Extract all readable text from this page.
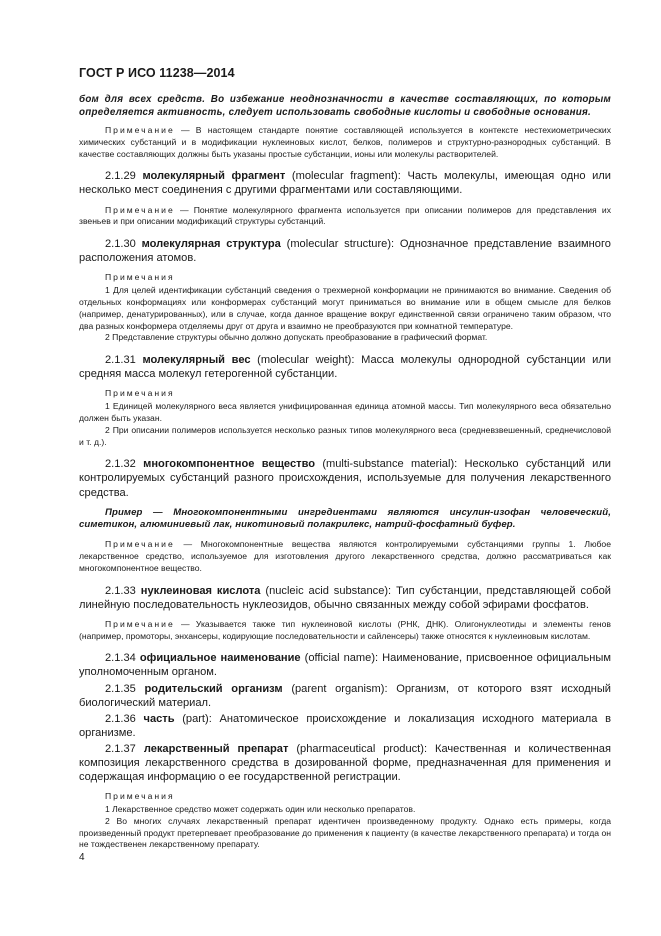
ГОСТ Р ИСО 11238—2014

бом для всех средств. Во избежание неоднозначности в качестве составляющих, по которым определяется активность, следует использовать свободные кислоты и свободные основания.

Примечание — В настоящем стандарте понятие составляющей используется в контексте нестехиометрических химических субстанций и в модификации нуклеиновых кислот, белков, полимеров и структурно-разнородных субстанций. В качестве составляющих должны быть указаны простые субстанции, ионы или молекулы растворителей.

2.1.29 молекулярный фрагмент (molecular fragment): Часть молекулы, имеющая одно или несколько мест соединения с другими фрагментами или составляющими.

Примечание — Понятие молекулярного фрагмента используется при описании полимеров для представления их звеньев и при описании модификаций структуры субстанций.

2.1.30 молекулярная структура (molecular structure): Однозначное представление взаимного расположения атомов.

Примечания

1 Для целей идентификации субстанций сведения о трехмерной конформации не принимаются во внимание. Сведения об отдельных конформациях или конформерах субстанций могут приниматься во внимание или в общем смысле для белков (например, денатурированных), или в случае, когда данное вращение вокруг единственной связи ограничено таким образом, что два разных конформера отделяемы друг от друга и взаимно не преобразуются при комнатной температуре.

2 Представление структуры обычно должно допускать преобразование в графический формат.

2.1.31 молекулярный вес (molecular weight): Масса молекулы однородной субстанции или средняя масса молекул гетерогенной субстанции.

Примечания

1 Единицей молекулярного веса является унифицированная единица атомной массы. Тип молекулярного веса обязательно должен быть указан.

2 При описании полимеров используется несколько разных типов молекулярного веса (средневзвешенный, среднечисловой и т. д.).

2.1.32 многокомпонентное вещество (multi-substance material): Несколько субстанций или контролируемых субстанций разного происхождения, используемые для получения лекарственного средства.

Пример — Многокомпонентными ингредиентами являются инсулин-изофан человеческий, симетикон, алюминиевый лак, никотиновый полакрилекс, натрий-фосфатный буфер.

Примечание — Многокомпонентные вещества являются контролируемыми субстанциями группы 1. Любое лекарственное средство, используемое для изготовления другого лекарственного средства, должно рассматриваться как многокомпонентное вещество.

2.1.33 нуклеиновая кислота (nucleic acid substance): Тип субстанции, представляющей собой линейную последовательность нуклеозидов, обычно связанных между собой эфирами фосфатов.

Примечание — Указывается также тип нуклеиновой кислоты (РНК, ДНК). Олигонуклеотиды и элементы генов (например, промоторы, энхансеры, кодирующие последовательности и сайленсеры) также относятся к нуклеиновым кислотам.

2.1.34 официальное наименование (official name): Наименование, присвоенное официальным уполномоченным органом.

2.1.35 родительский организм (parent organism): Организм, от которого взят исходный биологический материал.

2.1.36 часть (part): Анатомическое происхождение и локализация исходного материала в организме.

2.1.37 лекарственный препарат (pharmaceutical product): Качественная и количественная композиция лекарственного средства в дозированной форме, предназначенная для применения и содержащая информацию о ее государственной регистрации.

Примечания

1 Лекарственное средство может содержать один или несколько препаратов.

2 Во многих случаях лекарственный препарат идентичен произведенному продукту. Однако есть примеры, когда произведенный продукт претерпевает преобразование до применения к пациенту (в качестве лекарственного препарата) и тогда он не тождественен лекарственному препарату.

4
